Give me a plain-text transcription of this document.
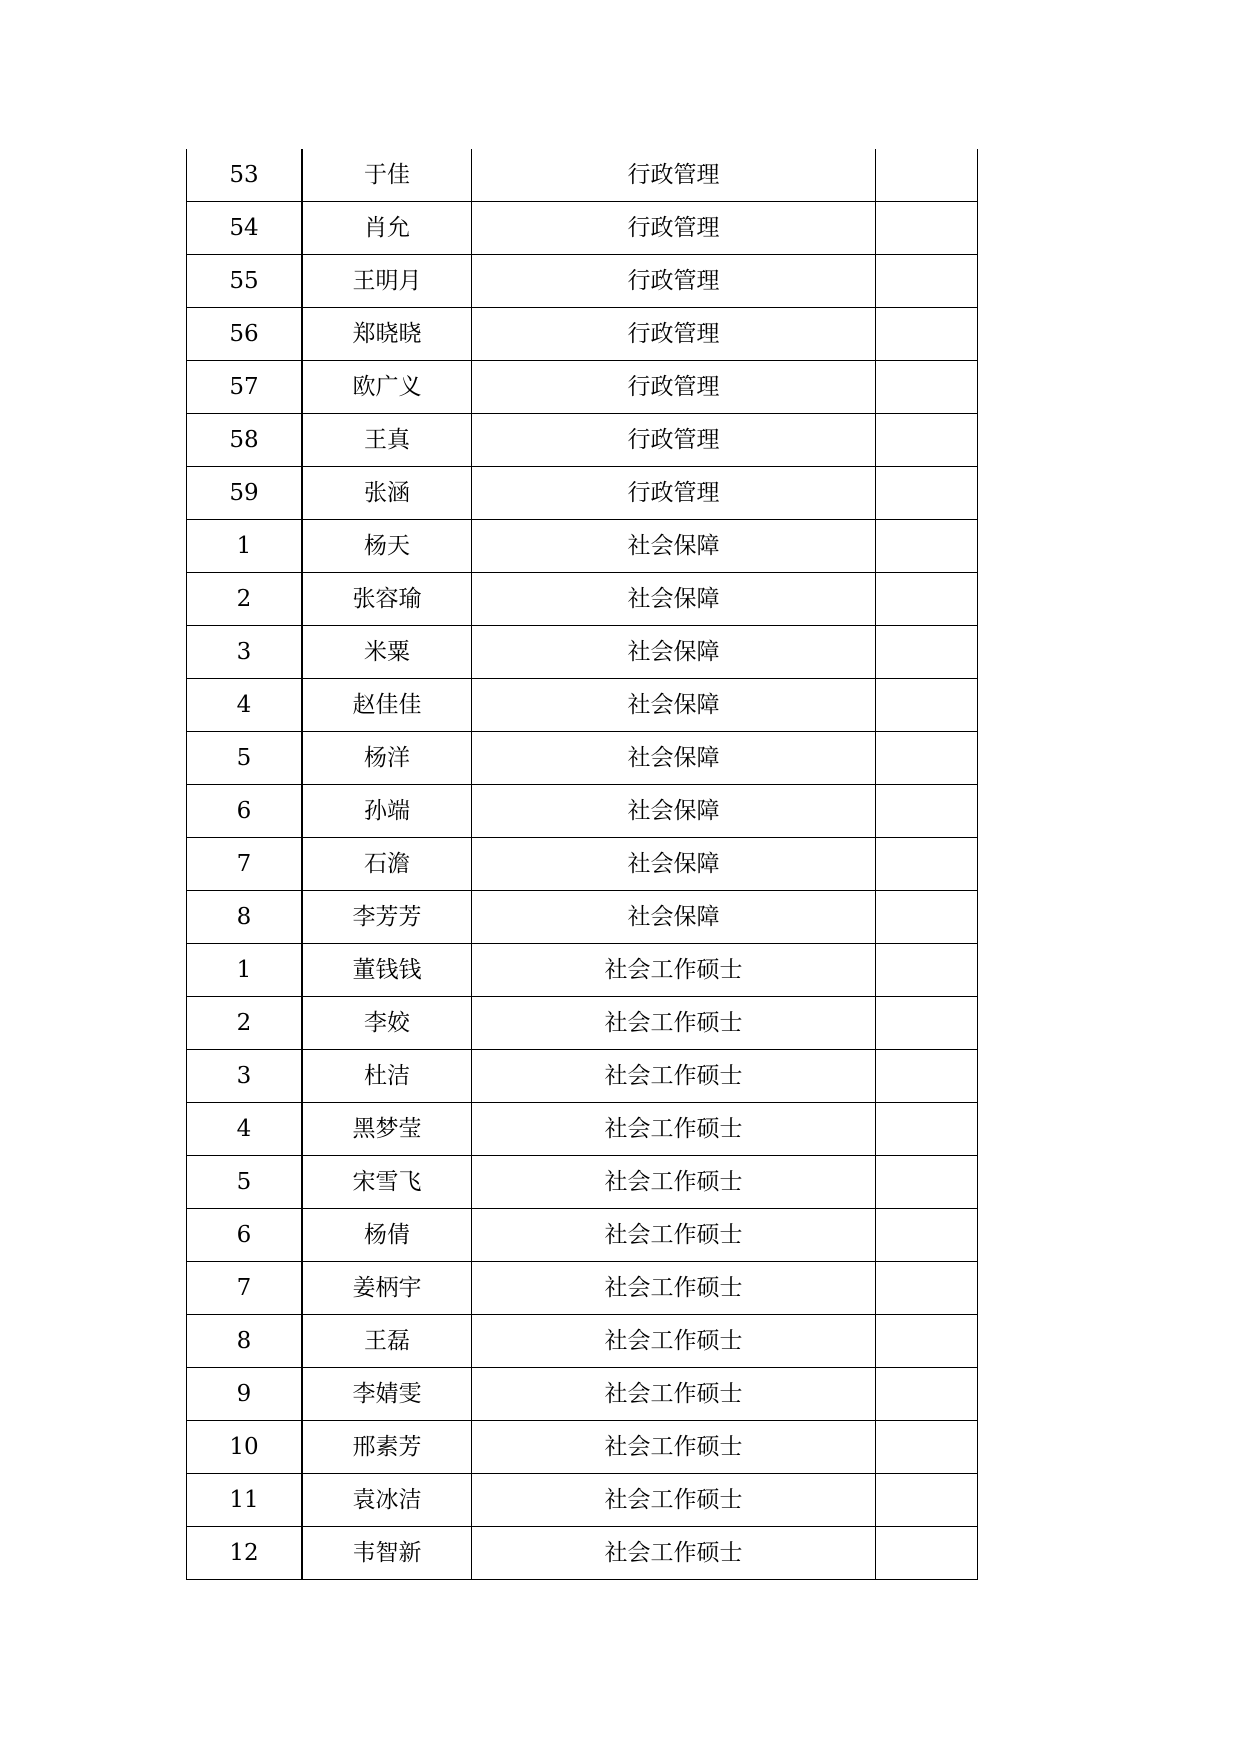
53	于佳	行政管理	
54	肖允	行政管理	
55	王明月	行政管理	
56	郑晓晓	行政管理	
57	欧广义	行政管理	
58	王真	行政管理	
59	张涵	行政管理	
1	杨天	社会保障	
2	张容瑜	社会保障	
3	米粟	社会保障	
4	赵佳佳	社会保障	
5	杨洋	社会保障	
6	孙端	社会保障	
7	石澹	社会保障	
8	李芳芳	社会保障	
1	董钱钱	社会工作硕士	
2	李姣	社会工作硕士	
3	杜洁	社会工作硕士	
4	黑梦莹	社会工作硕士	
5	宋雪飞	社会工作硕士	
6	杨倩	社会工作硕士	
7	姜柄宇	社会工作硕士	
8	王磊	社会工作硕士	
9	李婧雯	社会工作硕士	
10	邢素芳	社会工作硕士	
11	袁冰洁	社会工作硕士	
12	韦智新	社会工作硕士	
